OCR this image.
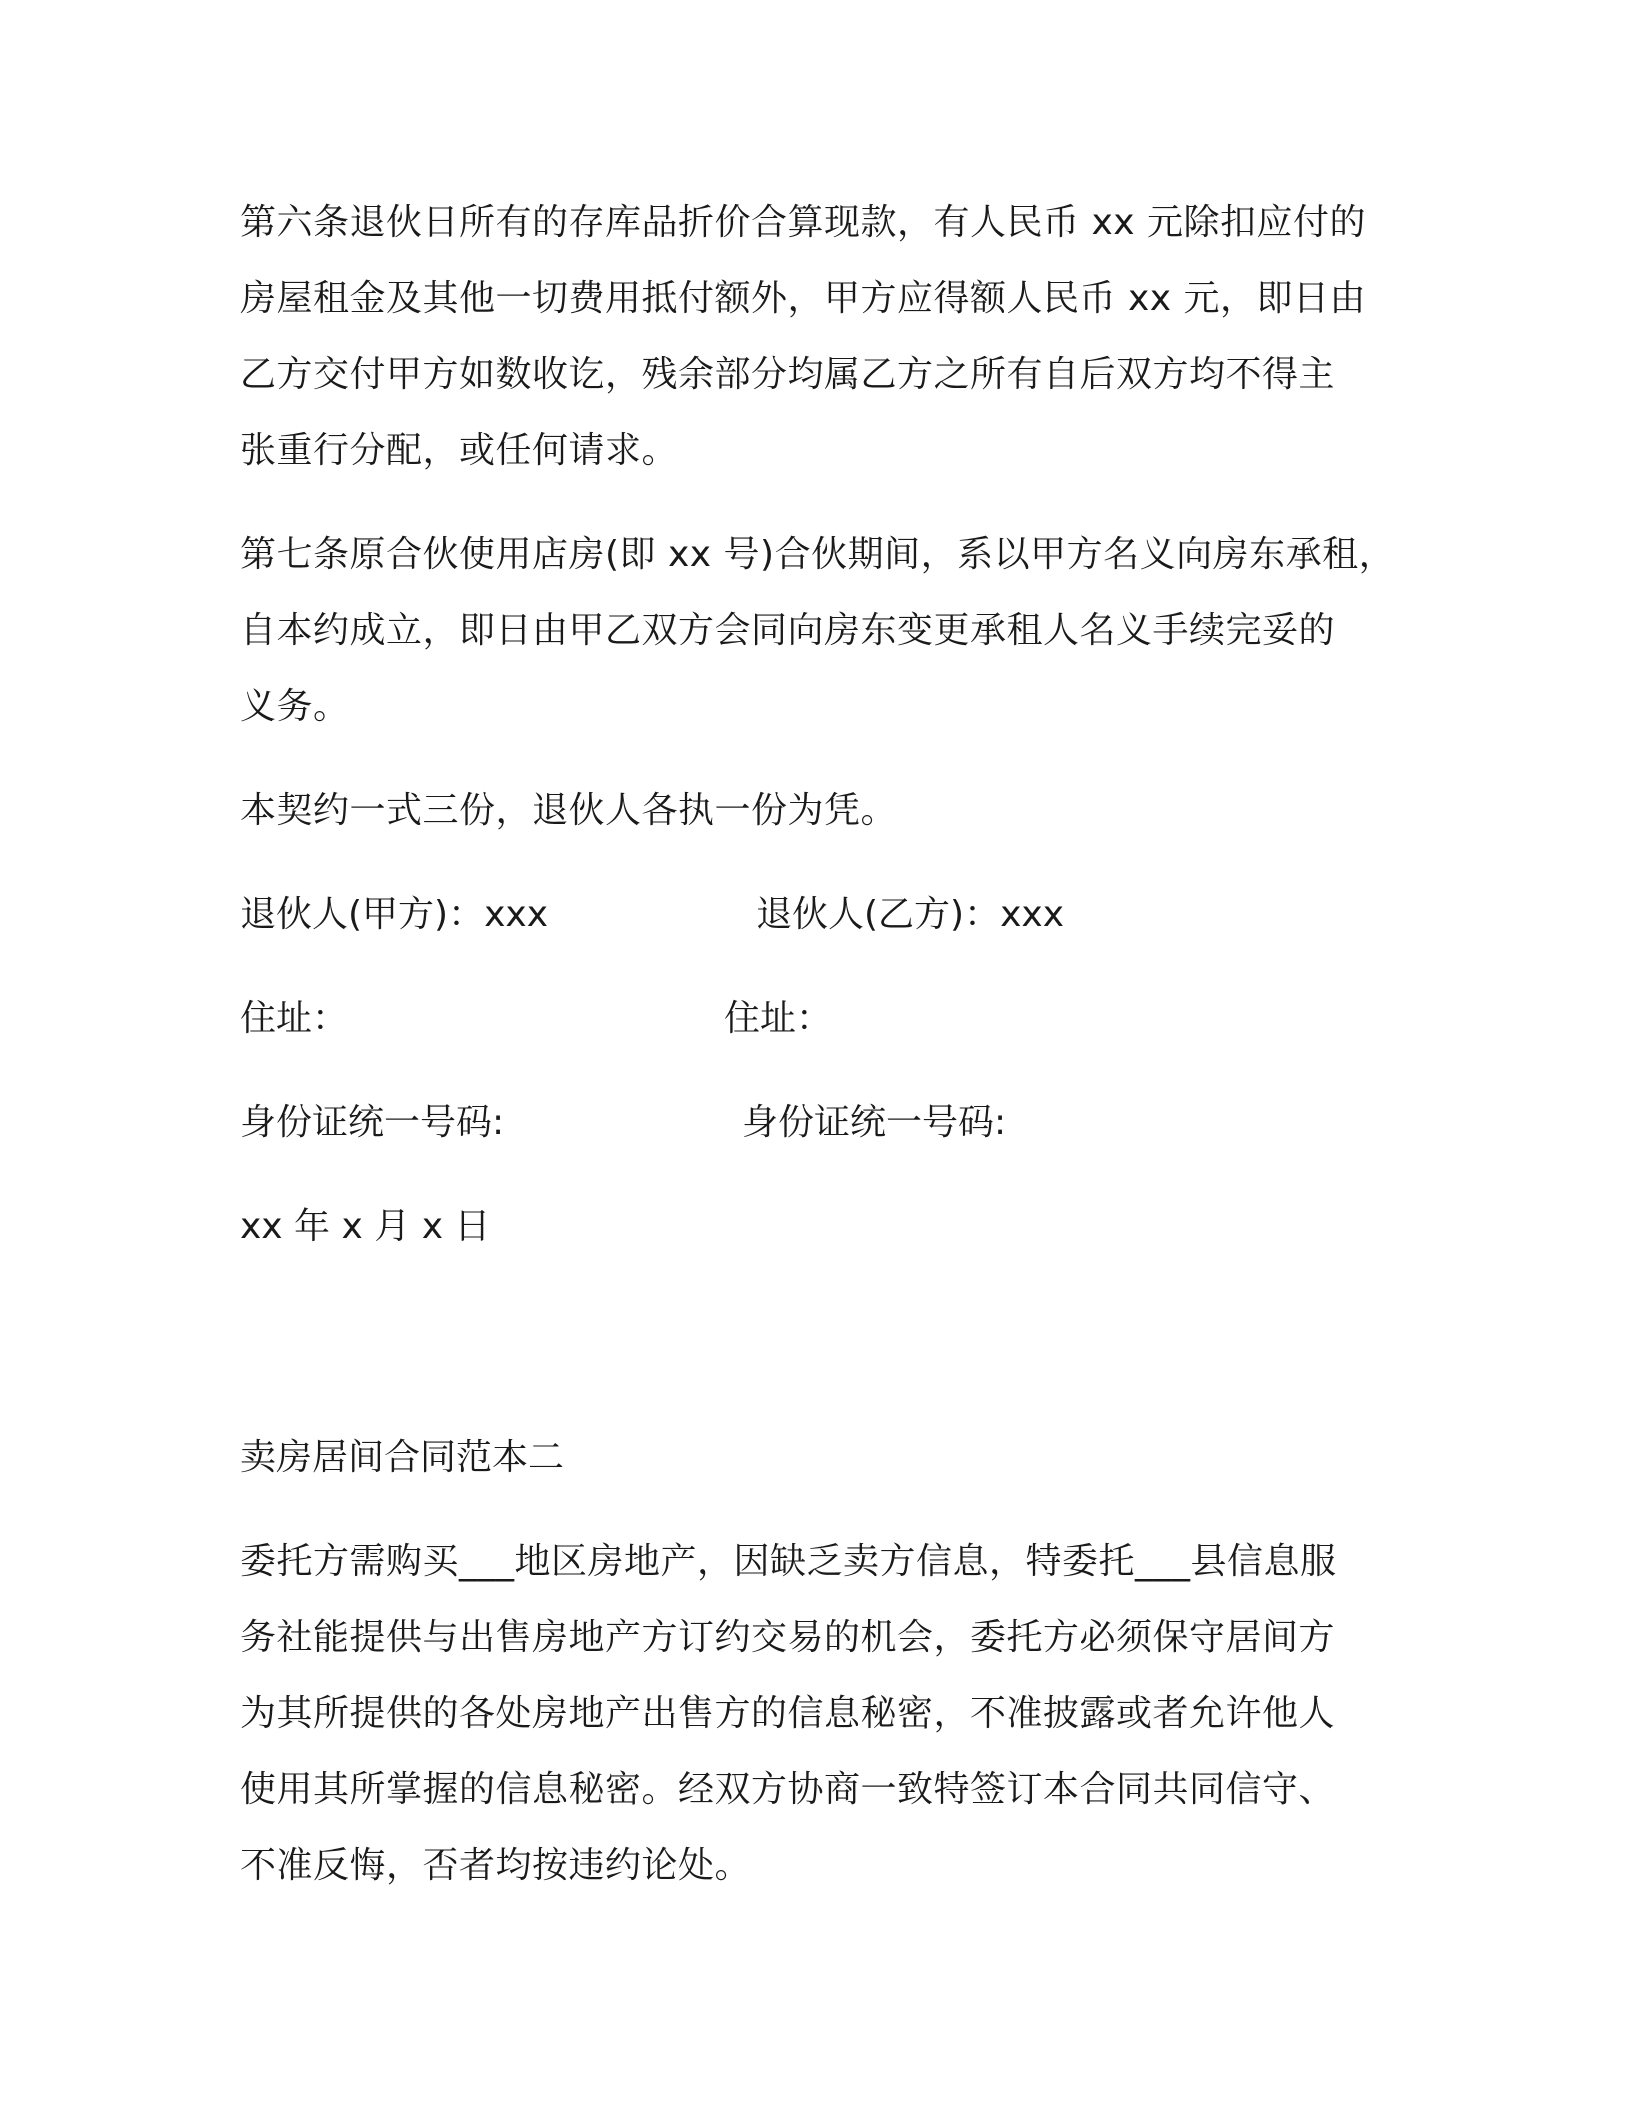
第六条退伙日所有的存库品折价合算现款，有人民币 xx 元除扣应付的
房屋租金及其他一切费用抵付额外，甲方应得额人民币 xx 元，即日由
乙方交付甲方如数收讫，残余部分均属乙方之所有自后双方均不得主
张重行分配，或任何请求。
第七条原合伙使用店房(即 xx 号)合伙期间，系以甲方名义向房东承租，
自本约成立，即日由甲乙双方会同向房东变更承租人名义手续完妥的
义务。
本契约一式三份，退伙人各执一份为凭。
退伙人(甲方)：xxx	退伙人(乙方)：xxx
住址：	住址：
身份证统一号码:	身份证统一号码:
xx 年 x 月 x 日
卖房居间合同范本二
委托方需购买___地区房地产，因缺乏卖方信息，特委托___县信息服
务社能提供与出售房地产方订约交易的机会，委托方必须保守居间方
为其所提供的各处房地产出售方的信息秘密，不准披露或者允许他人
使用其所掌握的信息秘密。经双方协商一致特签订本合同共同信守、
不准反悔，否者均按违约论处。
